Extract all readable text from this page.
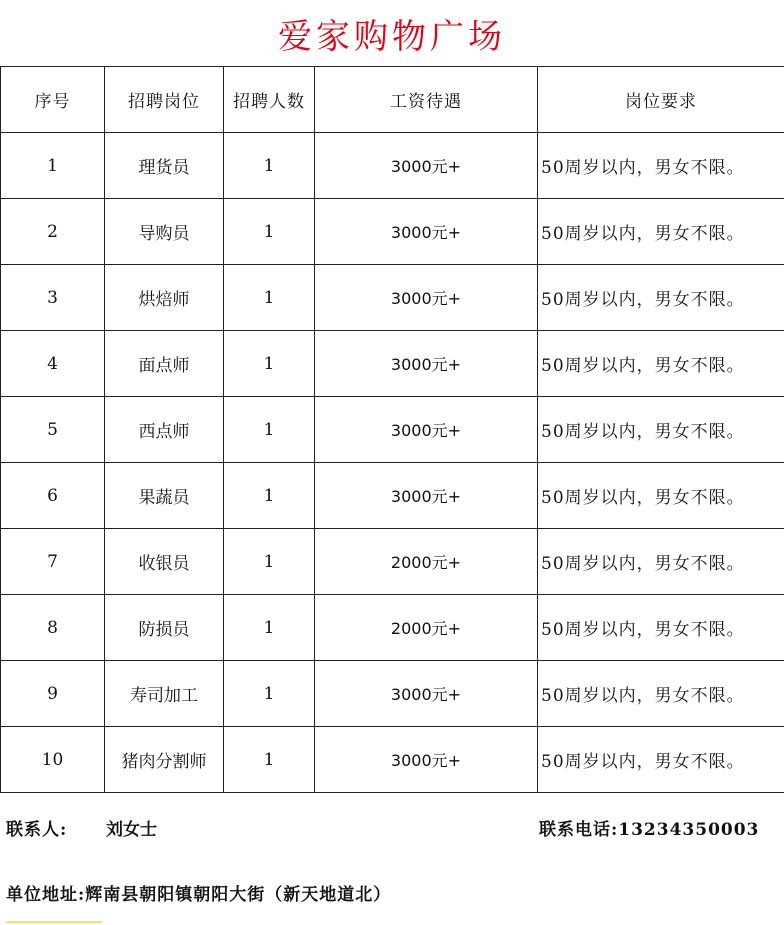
爱家购物广场
序号	招聘岗位	招聘人数	工资待遇	岗位要求
1	理货员	1	3000元+	50周岁以内，男女不限。
2	导购员	1	3000元+	50周岁以内，男女不限。
3	烘焙师	1	3000元+	50周岁以内，男女不限。
4	面点师	1	3000元+	50周岁以内，男女不限。
5	西点师	1	3000元+	50周岁以内，男女不限。
6	果蔬员	1	3000元+	50周岁以内，男女不限。
7	收银员	1	2000元+	50周岁以内，男女不限。
8	防损员	1	2000元+	50周岁以内，男女不限。
9	寿司加工	1	3000元+	50周岁以内，男女不限。
10	猪肉分割师	1	3000元+	50周岁以内，男女不限。
联系人: 刘女士	联系电话:13234350003
单位地址:辉南县朝阳镇朝阳大街（新天地道北）
